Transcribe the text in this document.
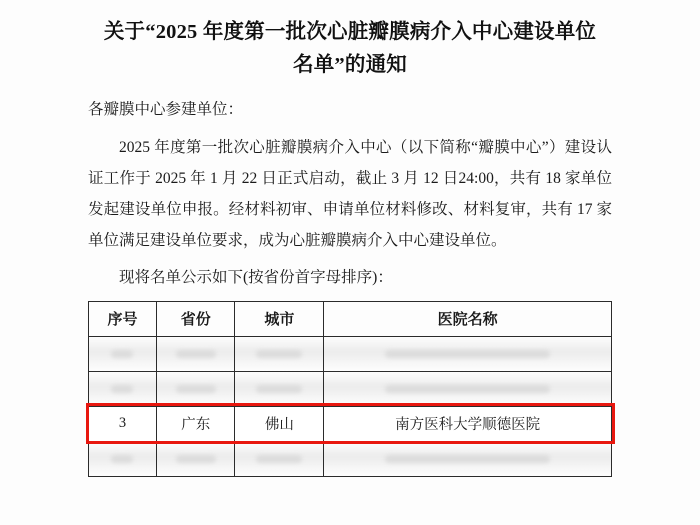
关于“2025 年度第一批次心脏瓣膜病介入中心建设单位
名单”的通知
各瓣膜中心参建单位：
2025 年度第一批次心脏瓣膜病介入中心（以下简称“瓣膜中心”）建设认证工作于 2025 年 1 月 22 日正式启动，截止 3 月 12 日24:00，共有 18 家单位发起建设单位申报。经材料初审、申请单位材料修改、材料复审，共有 17 家单位满足建设单位要求，成为心脏瓣膜病介入中心建设单位。
现将名单公示如下(按省份首字母排序)：
序号	省份	城市	医院名称

3	广东	佛山	南方医科大学顺德医院
